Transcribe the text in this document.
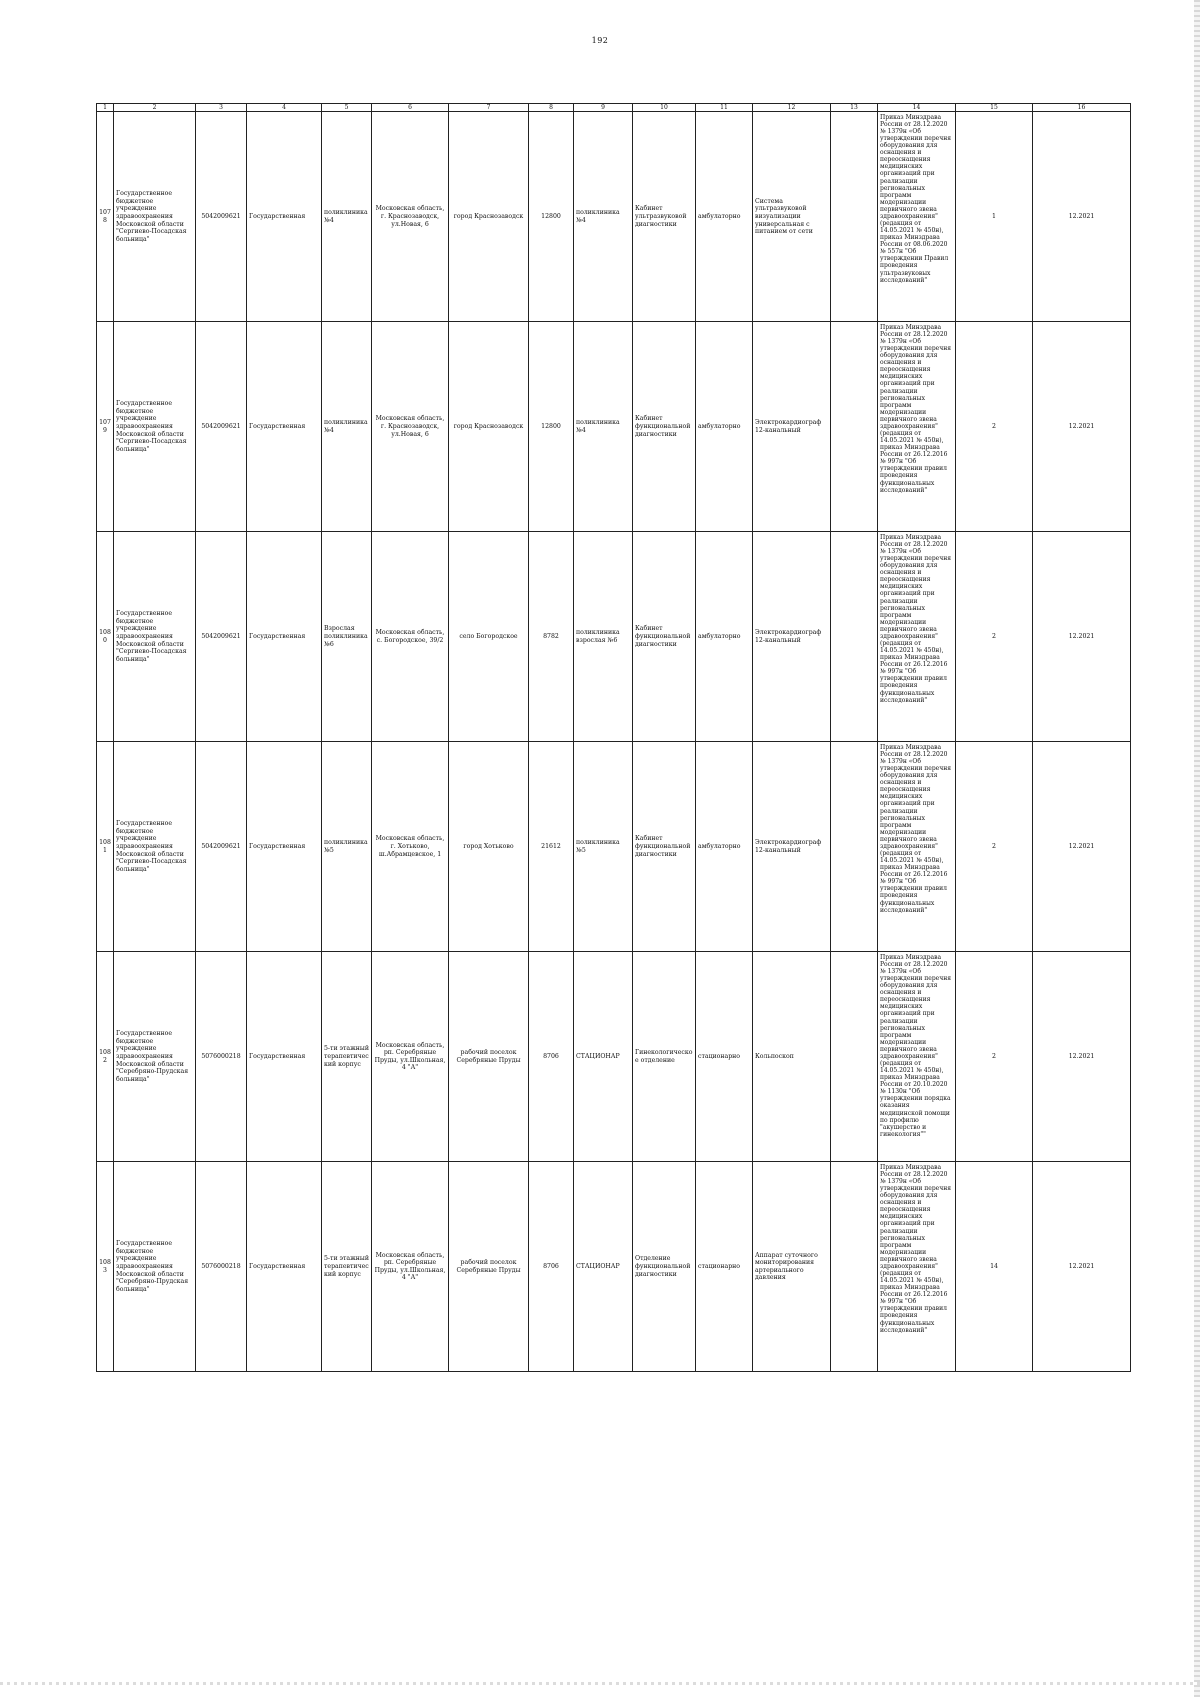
192
1	2	3	4	5	6	7	8	9	10	11	12	13	14	15	16
1078	Государственное бюджетное учреждение здравоохранения Московской области "Сергиево-Посадская больница"	5042009621	Государственная	поликлиника №4	Московская область, г. Краснозаводск, ул.Новая, 6	город Краснозаводск	12800	поликлиника №4	Кабинет ультразвуковой диагностики	амбулаторно	Система ультразвуковой визуализации универсальная с питанием от сети		Приказ Минздрава России от 28.12.2020 № 1379н «Об утверждении перечня оборудования для оснащения и переоснащения медицинских организаций при реализации региональных программ модернизации первичного звена здравоохранения"(редакция от 14.05.2021 № 450н), приказ Минздрава России от 08.06.2020 № 557н "Об утверждении Правил проведения ультразвуковых исследований"	1	12.2021
1079	Государственное бюджетное учреждение здравоохранения Московской области "Сергиево-Посадская больница"	5042009621	Государственная	поликлиника №4	Московская область, г. Краснозаводск, ул.Новая, 6	город Краснозаводск	12800	поликлиника №4	Кабинет функциональной диагностики	амбулаторно	Электрокардиограф 12-канальный		Приказ Минздрава России от 28.12.2020 № 1379н «Об утверждении перечня оборудования для оснащения и переоснащения медицинских организаций при реализации региональных программ модернизации первичного звена здравоохранения"(редакция от 14.05.2021 № 450н), приказ Минздрава России от 26.12.2016 № 997н "Об утверждении правил проведения функциональных исследований"	2	12.2021
1080	Государственное бюджетное учреждение здравоохранения Московской области "Сергиево-Посадская больница"	5042009621	Государственная	Взрослая поликлиника №6	Московская область, с. Богородское, 39/2	село Богородское	8782	поликлиника взрослая №6	Кабинет функциональной диагностики	амбулаторно	Электрокардиограф 12-канальный		Приказ Минздрава России от 28.12.2020 № 1379н «Об утверждении перечня оборудования для оснащения и переоснащения медицинских организаций при реализации региональных программ модернизации первичного звена здравоохранения"(редакция от 14.05.2021 № 450н), приказ Минздрава России от 26.12.2016 № 997н "Об утверждении правил проведения функциональных исследований"	2	12.2021
1081	Государственное бюджетное учреждение здравоохранения Московской области "Сергиево-Посадская больница"	5042009621	Государственная	поликлиника №5	Московская область, г. Хотьково, ш.Абрамцевское, 1	город Хотьково	21612	поликлиника №5	Кабинет функциональной диагностики	амбулаторно	Электрокардиограф 12-канальный		Приказ Минздрава России от 28.12.2020 № 1379н «Об утверждении перечня оборудования для оснащения и переоснащения медицинских организаций при реализации региональных программ модернизации первичного звена здравоохранения"(редакция от 14.05.2021 № 450н), приказ Минздрава России от 26.12.2016 № 997н "Об утверждении правил проведения функциональных исследований"	2	12.2021
1082	Государственное бюджетное учреждение здравоохранения Московской области "Серебряно-Прудская больница"	5076000218	Государственная	5-ти этажный терапевтический корпус	Московская область, рп. Серебряные Пруды, ул.Школьная, 4 "А"	рабочий поселок Серебряные Пруды	8706	СТАЦИОНАР	Гинекологическое отделение	стационарно	Кольпоскоп		Приказ Минздрава России от 28.12.2020 № 1379н «Об утверждении перечня оборудования для оснащения и переоснащения медицинских организаций при реализации региональных программ модернизации первичного звена здравоохранения"(редакция от 14.05.2021 № 450н), приказ Минздрава России от 20.10.2020 № 1130н "Об утверждении порядка оказания медицинской помощи по профилю "акушерство и гинекология""	2	12.2021
1083	Государственное бюджетное учреждение здравоохранения Московской области "Серебряно-Прудская больница"	5076000218	Государственная	5-ти этажный терапевтический корпус	Московская область, рп. Серебряные Пруды, ул.Школьная, 4 "А"	рабочий поселок Серебряные Пруды	8706	СТАЦИОНАР	Отделение функциональной диагностики	стационарно	Аппарат суточного мониторирования артериального давления		Приказ Минздрава России от 28.12.2020 № 1379н «Об утверждении перечня оборудования для оснащения и переоснащения медицинских организаций при реализации региональных программ модернизации первичного звена здравоохранения"(редакция от 14.05.2021 № 450н), приказ Минздрава России от 26.12.2016 № 997н "Об утверждении правил проведения функциональных исследований"	14	12.2021
